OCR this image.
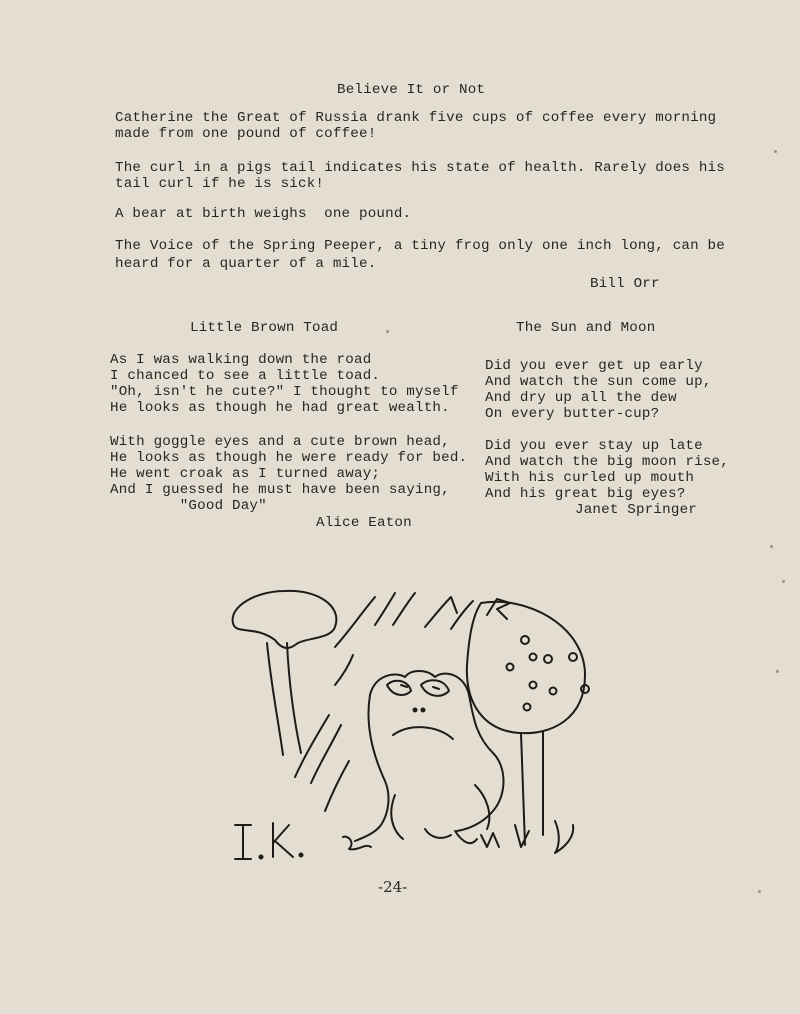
Believe It or Not
Catherine the Great of Russia drank five cups of coffee every morning
made from one pound of coffee!
The curl in a pigs tail indicates his state of health. Rarely does his
tail curl if he is sick!
A bear at birth weighs  one pound.
The Voice of the Spring Peeper, a tiny frog only one inch long, can be
heard for a quarter of a mile.
Bill Orr
Little Brown Toad	The Sun and Moon
As I was walking down the road
I chanced to see a little toad.
"Oh, isn't he cute?" I thought to myself
He looks as though he had great wealth.
With goggle eyes and a cute brown head,
He looks as though he were ready for bed.
He went croak as I turned away;
And I guessed he must have been saying,
"Good Day"
Alice Eaton
Did you ever get up early
And watch the sun come up,
And dry up all the dew
On every butter-cup?
Did you ever stay up late
And watch the big moon rise,
With his curled up mouth
And his great big eyes?
Janet Springer
-24-
